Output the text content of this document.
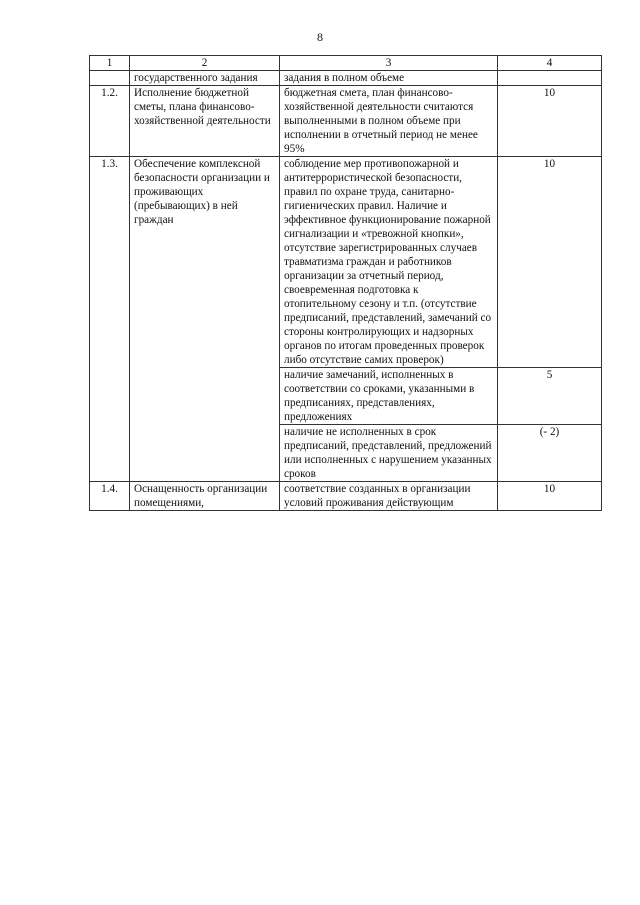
8
1	2	3	4
	государственного задания	задания в полном объеме	
1.2.	Исполнение бюджетной сметы, плана финансово-хозяйственной деятельности	бюджетная смета, план финансово-хозяйственной деятельности считаются выполненными в полном объеме при исполнении в отчетный период не менее 95%	10
1.3.	Обеспечение комплексной безопасности организации и проживающих (пребывающих) в ней граждан	соблюдение мер противопожарной и антитеррористической безопасности, правил по охране труда, санитарно-гигиенических правил. Наличие и эффективное функционирование пожарной сигнализации и «тревожной кнопки», отсутствие зарегистрированных случаев травматизма граждан и работников организации за отчетный период, своевременная подготовка к отопительному сезону и т.п. (отсутствие предписаний, представлений, замечаний со стороны контролирующих и надзорных органов по итогам проведенных проверок либо отсутствие самих проверок)	10
		наличие замечаний, исполненных в соответствии со сроками, указанными в предписаниях, представлениях, предложениях	5
		наличие не исполненных в срок предписаний, представлений, предложений или исполненных с нарушением указанных сроков	(- 2)
1.4.	Оснащенность организации помещениями,	соответствие созданных в организации условий проживания действующим	10
